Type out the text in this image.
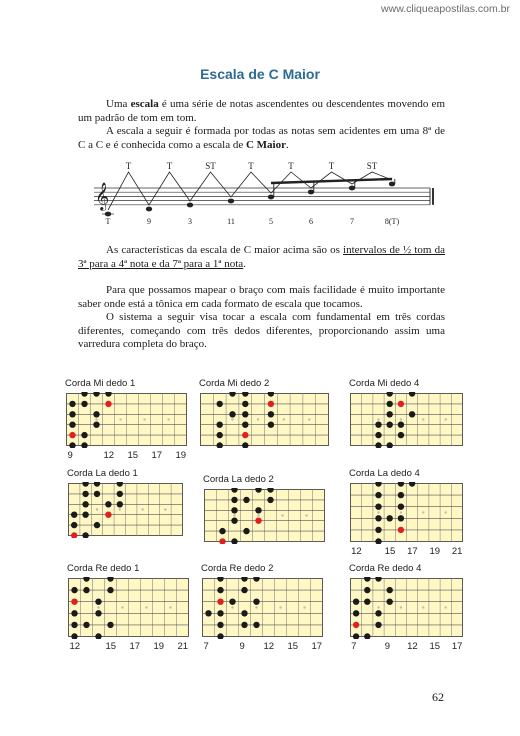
www.cliqueapostilas.com.br
Escala de C Maior

Uma escala é uma série de notas ascendentes ou descendentes movendo em um padrão de tom em tom.

A escala a seguir é formada por todas as notas sem acidentes em uma 8ª de C a C e é conhecida como a escala de C Maior.

𝄞
T	T	ST	T	T	T	ST
T	9	3	11	5	6	7	8(T)

As características da escala de C maior acima são os intervalos de ½ tom da 3ª para a 4ª nota e da 7ª para a 1ª nota.

Para que possamos mapear o braço com mais facilidade é muito importante saber onde está a tônica em cada formato de escala que tocamos.

O sistema a seguir visa tocar a escala com fundamental em três cordas diferentes, começando com três dedos diferentes, proporcionando assim uma varredura completa do braço.

Corda Mi dedo 1
9	12 15 17 19
Corda Mi dedo 2	Corda Mi dedo 4
Corda La dedo 1
Corda La dedo 2
Corda La dedo 4
12 15 17 19 21
Corda Re dedo 1
12	15 17 19 21
Corda Re dedo 2
7	9 12 15 17
Corda Re dedo 4
7	9 12 15 17
62
